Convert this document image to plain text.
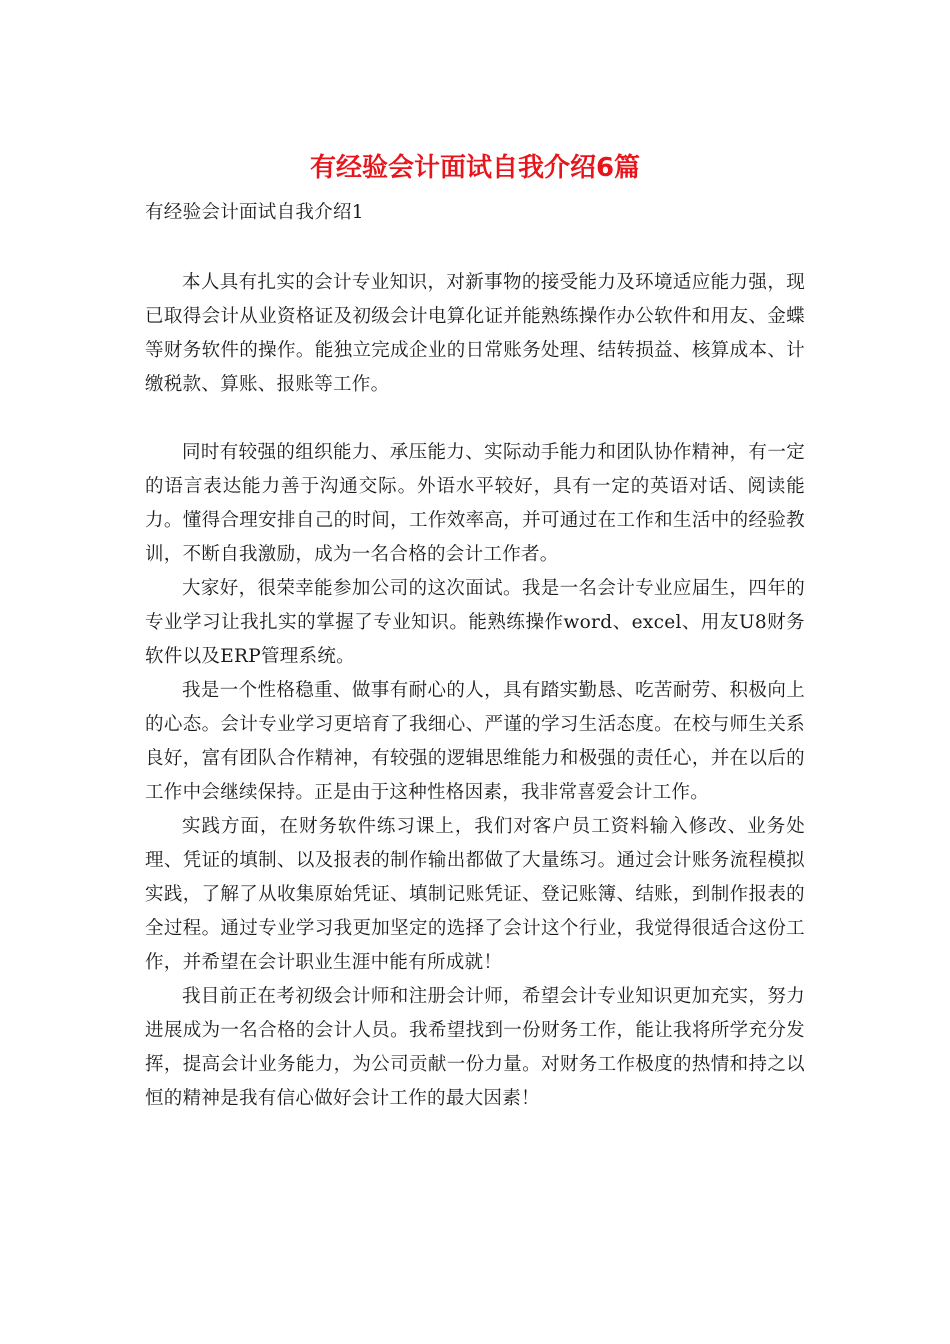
有经验会计面试自我介绍6篇

有经验会计面试自我介绍1

本人具有扎实的会计专业知识，对新事物的接受能力及环境适应能力强，现已取得会计从业资格证及初级会计电算化证并能熟练操作办公软件和用友、金蝶等财务软件的操作。能独立完成企业的日常账务处理、结转损益、核算成本、计缴税款、算账、报账等工作。

同时有较强的组织能力、承压能力、实际动手能力和团队协作精神，有一定的语言表达能力善于沟通交际。外语水平较好，具有一定的英语对话、阅读能力。懂得合理安排自己的时间，工作效率高，并可通过在工作和生活中的经验教训，不断自我激励，成为一名合格的会计工作者。

大家好，很荣幸能参加公司的这次面试。我是一名会计专业应届生，四年的专业学习让我扎实的掌握了专业知识。能熟练操作word、excel、用友U8财务软件以及ERP管理系统。

我是一个性格稳重、做事有耐心的人，具有踏实勤恳、吃苦耐劳、积极向上的心态。会计专业学习更培育了我细心、严谨的学习生活态度。在校与师生关系良好，富有团队合作精神，有较强的逻辑思维能力和极强的责任心，并在以后的工作中会继续保持。正是由于这种性格因素，我非常喜爱会计工作。

实践方面，在财务软件练习课上，我们对客户员工资料输入修改、业务处理、凭证的填制、以及报表的制作输出都做了大量练习。通过会计账务流程模拟实践，了解了从收集原始凭证、填制记账凭证、登记账簿、结账，到制作报表的全过程。通过专业学习我更加坚定的选择了会计这个行业，我觉得很适合这份工作，并希望在会计职业生涯中能有所成就！

我目前正在考初级会计师和注册会计师，希望会计专业知识更加充实，努力进展成为一名合格的会计人员。我希望找到一份财务工作，能让我将所学充分发挥，提高会计业务能力，为公司贡献一份力量。对财务工作极度的热情和持之以恒的精神是我有信心做好会计工作的最大因素！
